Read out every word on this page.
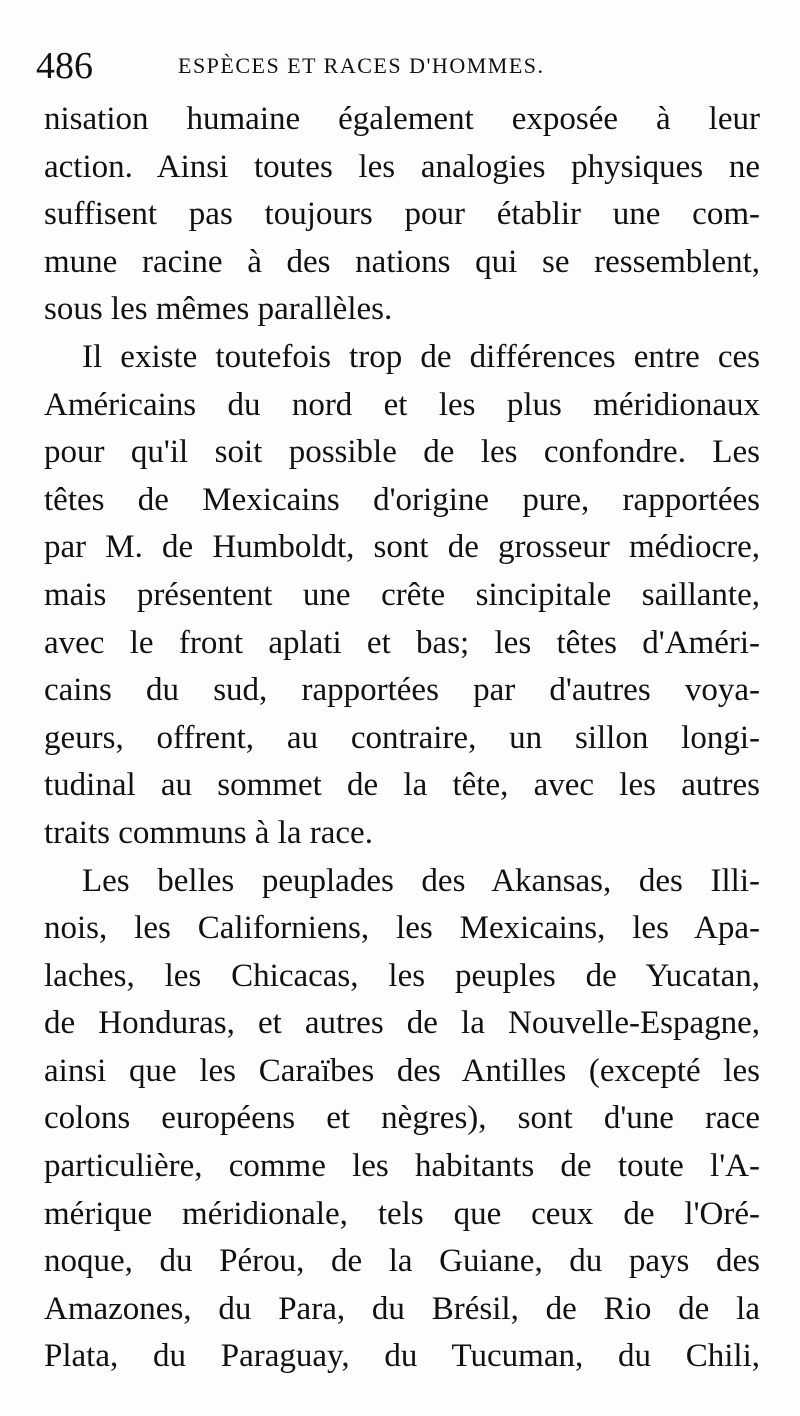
486	ESPÈCES ET RACES D'HOMMES.
nisation humaine également exposée à leur
action. Ainsi toutes les analogies physiques ne
suffisent pas toujours pour établir une com-
mune racine à des nations qui se ressemblent,
sous les mêmes parallèles.
Il existe toutefois trop de différences entre ces
Américains du nord et les plus méridionaux
pour qu'il soit possible de les confondre. Les
têtes de Mexicains d'origine pure, rapportées
par M. de Humboldt, sont de grosseur médiocre,
mais présentent une crête sincipitale saillante,
avec le front aplati et bas; les têtes d'Améri-
cains du sud, rapportées par d'autres voya-
geurs, offrent, au contraire, un sillon longi-
tudinal au sommet de la tête, avec les autres
traits communs à la race.
Les belles peuplades des Akansas, des Illi-
nois, les Californiens, les Mexicains, les Apa-
laches, les Chicacas, les peuples de Yucatan,
de Honduras, et autres de la Nouvelle-Espagne,
ainsi que les Caraïbes des Antilles (excepté les
colons européens et nègres), sont d'une race
particulière, comme les habitants de toute l'A-
mérique méridionale, tels que ceux de l'Oré-
noque, du Pérou, de la Guiane, du pays des
Amazones, du Para, du Brésil, de Rio de la
Plata, du Paraguay, du Tucuman, du Chili,
